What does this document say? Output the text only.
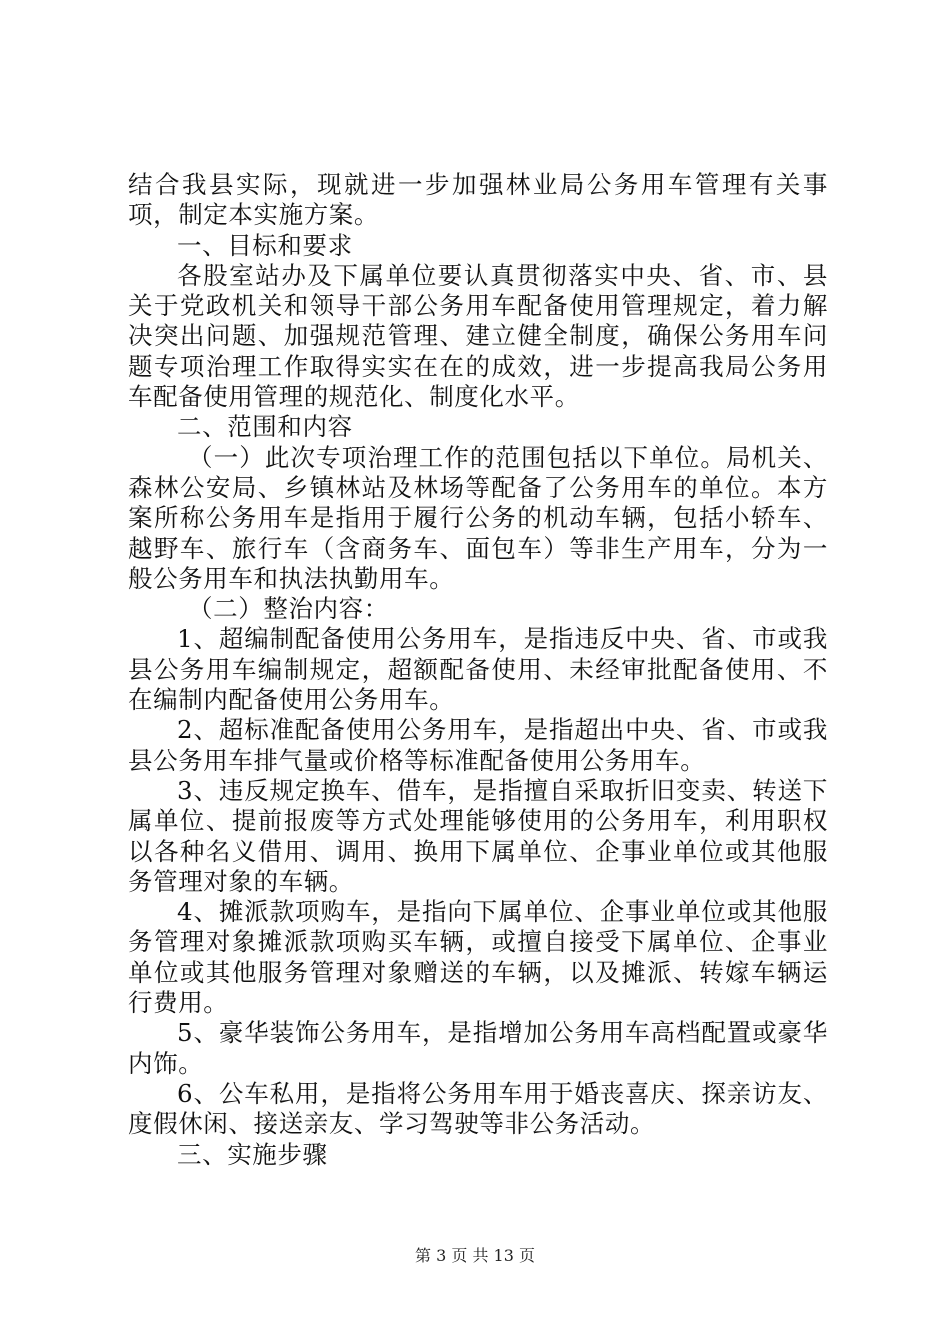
结合我县实际，现就进一步加强林业局公务用车管理有关事项，制定本实施方案。

一、目标和要求

各股室站办及下属单位要认真贯彻落实中央、省、市、县关于党政机关和领导干部公务用车配备使用管理规定，着力解决突出问题、加强规范管理、建立健全制度，确保公务用车问题专项治理工作取得实实在在的成效，进一步提高我局公务用车配备使用管理的规范化、制度化水平。

二、范围和内容

（一）此次专项治理工作的范围包括以下单位。局机关、森林公安局、乡镇林站及林场等配备了公务用车的单位。本方案所称公务用车是指用于履行公务的机动车辆，包括小轿车、越野车、旅行车（含商务车、面包车）等非生产用车，分为一般公务用车和执法执勤用车。

（二）整治内容：

1、超编制配备使用公务用车，是指违反中央、省、市或我县公务用车编制规定，超额配备使用、未经审批配备使用、不在编制内配备使用公务用车。

2、超标准配备使用公务用车，是指超出中央、省、市或我县公务用车排气量或价格等标准配备使用公务用车。

3、违反规定换车、借车，是指擅自采取折旧变卖、转送下属单位、提前报废等方式处理能够使用的公务用车，利用职权以各种名义借用、调用、换用下属单位、企事业单位或其他服务管理对象的车辆。

4、摊派款项购车，是指向下属单位、企事业单位或其他服务管理对象摊派款项购买车辆，或擅自接受下属单位、企事业单位或其他服务管理对象赠送的车辆，以及摊派、转嫁车辆运行费用。

5、豪华装饰公务用车，是指增加公务用车高档配置或豪华内饰。

6、公车私用，是指将公务用车用于婚丧喜庆、探亲访友、度假休闲、接送亲友、学习驾驶等非公务活动。

三、实施步骤

第 3 页 共 13 页
